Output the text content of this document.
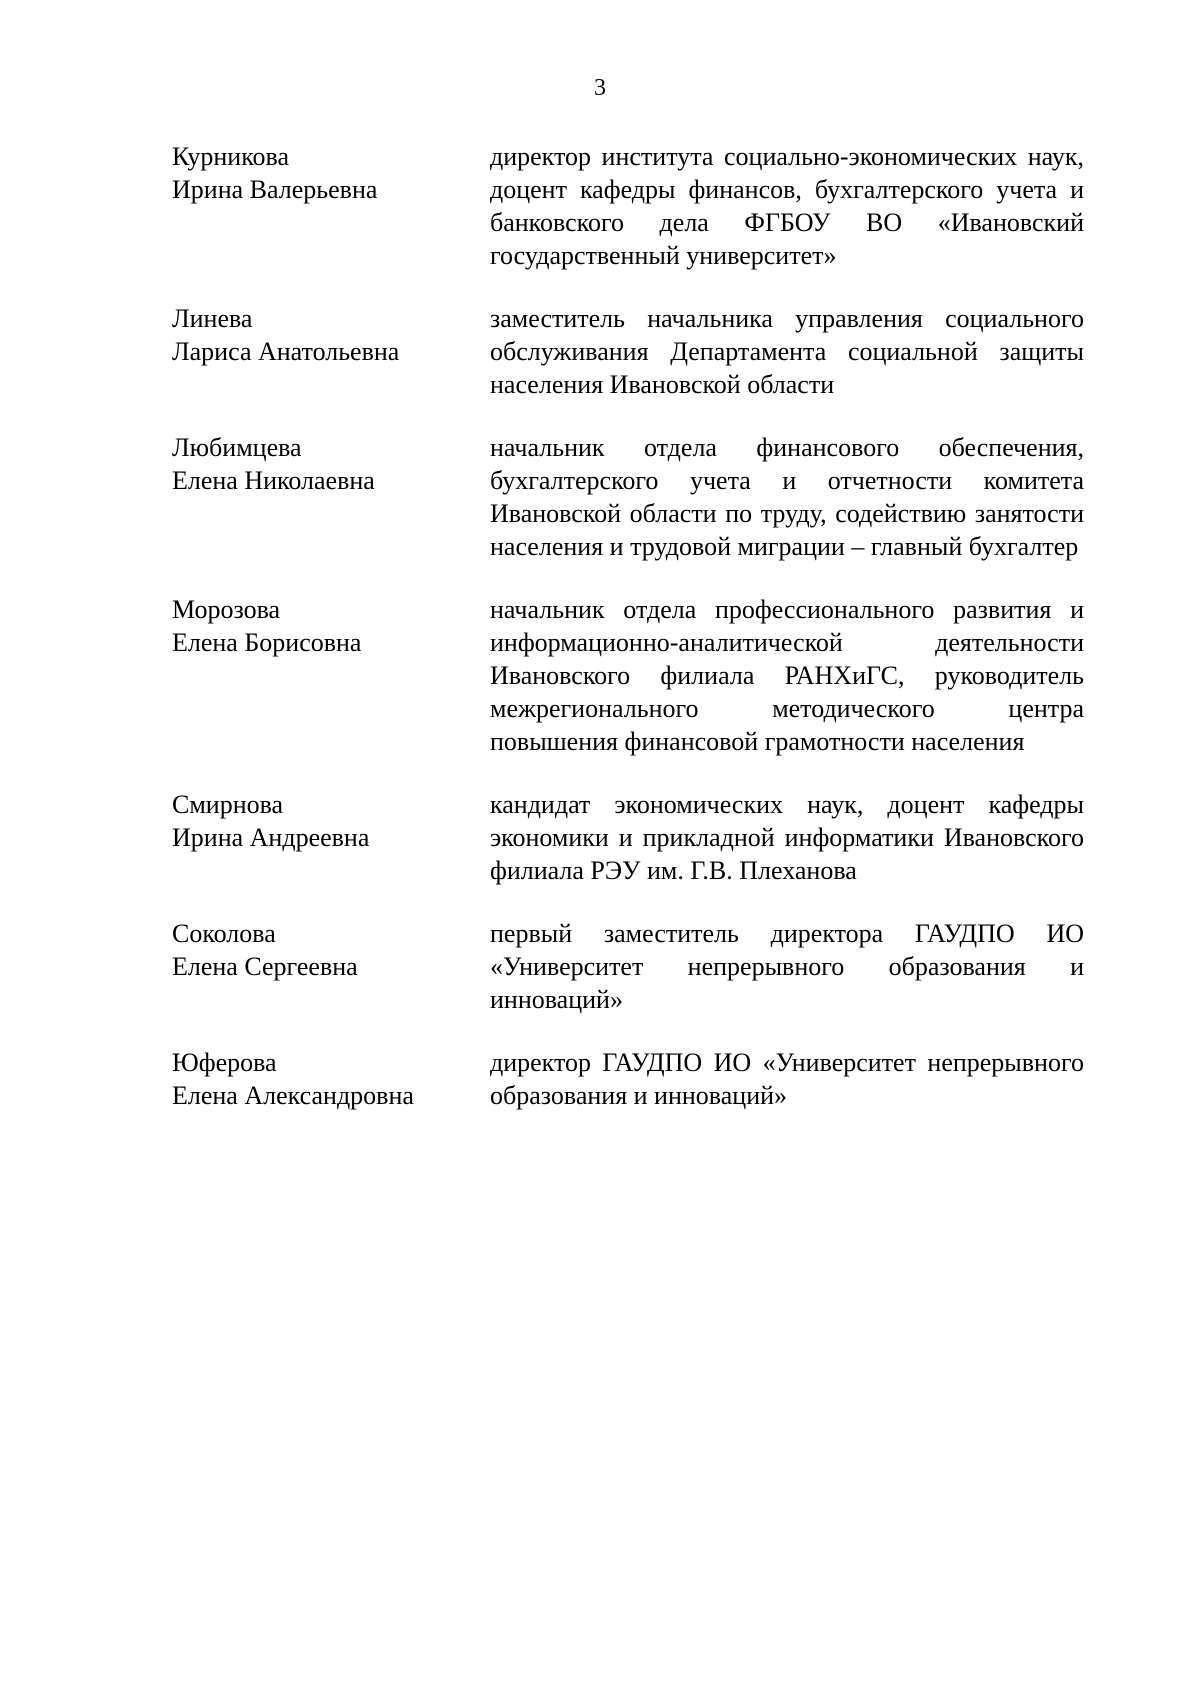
3
Курникова
Ирина Валерьевна
директор института социально-экономических наук, доцент кафедры финансов, бухгалтерского учета и банковского дела ФГБОУ ВО «Ивановский государственный университет»
Линева
Лариса Анатольевна
заместитель начальника управления социального обслуживания Департамента социальной защиты населения Ивановской области
Любимцева
Елена Николаевна
начальник отдела финансового обеспечения, бухгалтерского учета и отчетности комитета Ивановской области по труду, содействию занятости населения и трудовой миграции – главный бухгалтер
Морозова
Елена Борисовна
начальник отдела профессионального развития и информационно-аналитической деятельности Ивановского филиала РАНХиГС, руководитель межрегионального методического центра повышения финансовой грамотности населения
Смирнова
Ирина Андреевна
кандидат экономических наук, доцент кафедры экономики и прикладной информатики Ивановского филиала РЭУ им. Г.В. Плеханова
Соколова
Елена Сергеевна
первый заместитель директора ГАУДПО ИО «Университет непрерывного образования и инноваций»
Юферова
Елена Александровна
директор ГАУДПО ИО «Университет непрерывного образования и инноваций»
